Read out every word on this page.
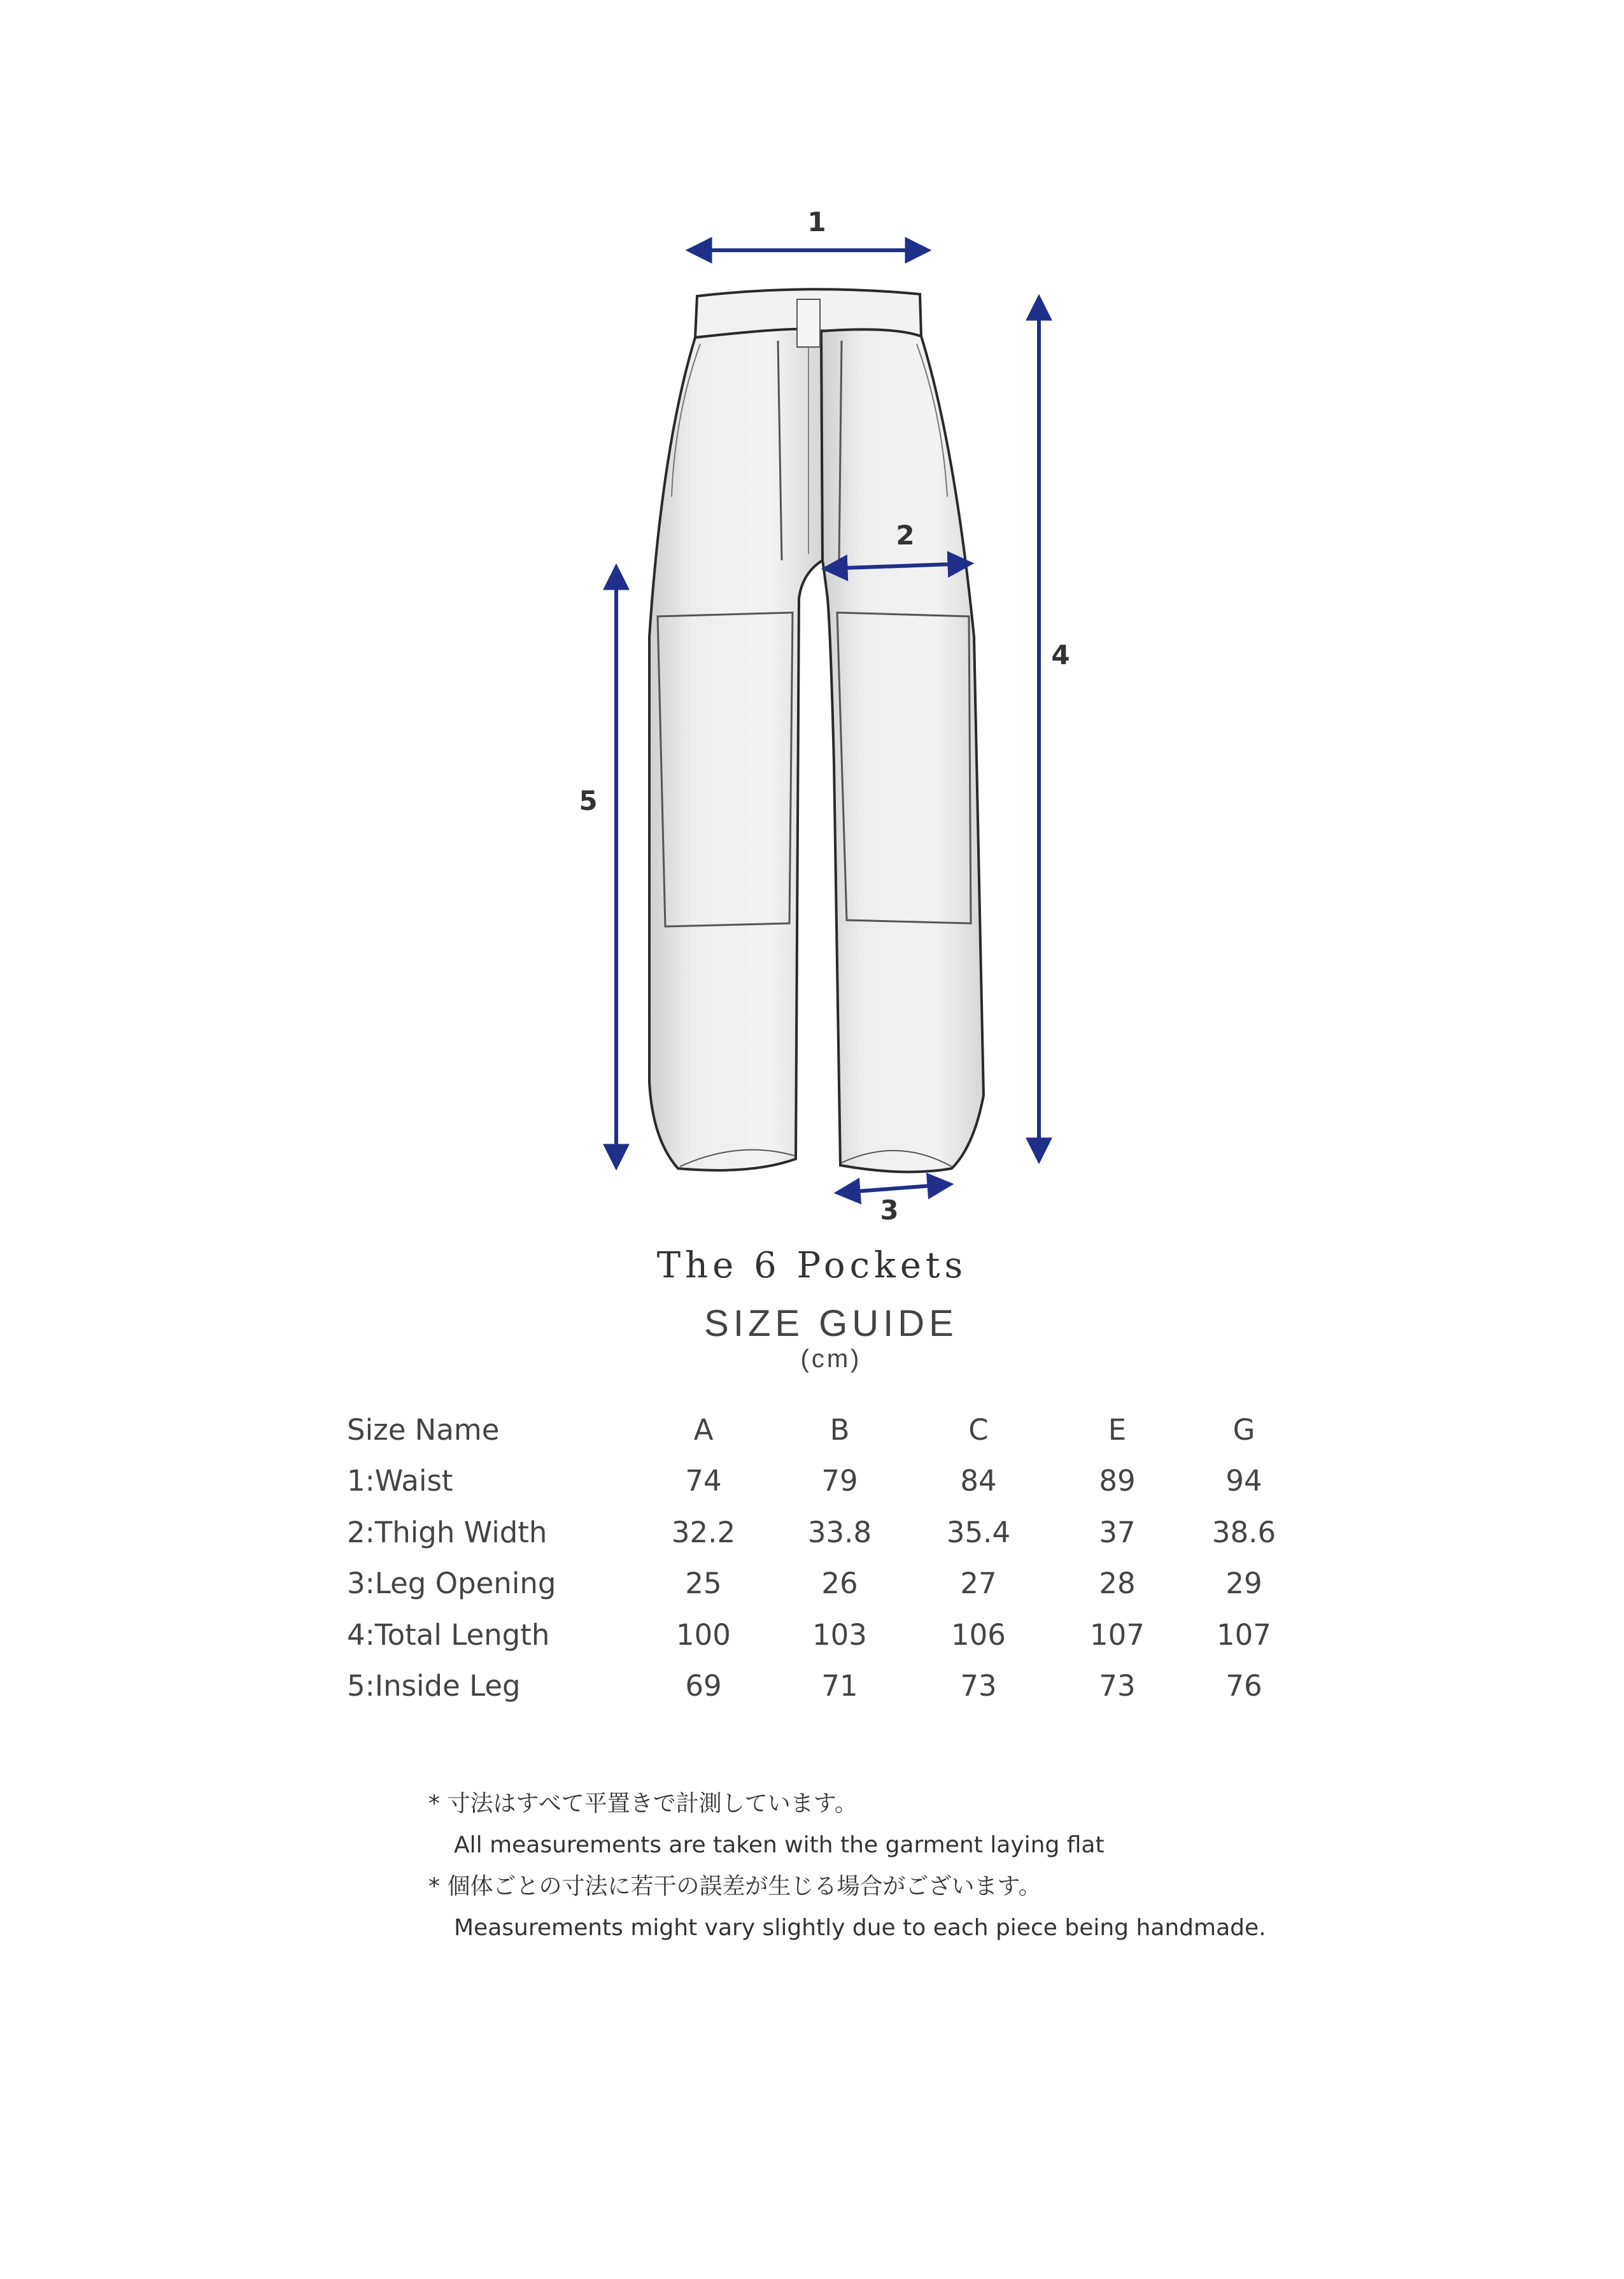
1
2
3
4
5
The 6 Pockets
SIZE GUIDE
(cm)
Size Name	A	B	C	E	G
1:Waist	74	79	84	89	94
2:Thigh Width	32.2	33.8	35.4	37	38.6
3:Leg Opening	25	26	27	28	29
4:Total Length	100	103	106	107	107
5:Inside Leg	69	71	73	73	76
* 寸法はすべて平置きで計測しています。
All measurements are taken with the garment laying flat
* 個体ごとの寸法に若干の誤差が生じる場合がございます。
Measurements might vary slightly due to each piece being handmade.
